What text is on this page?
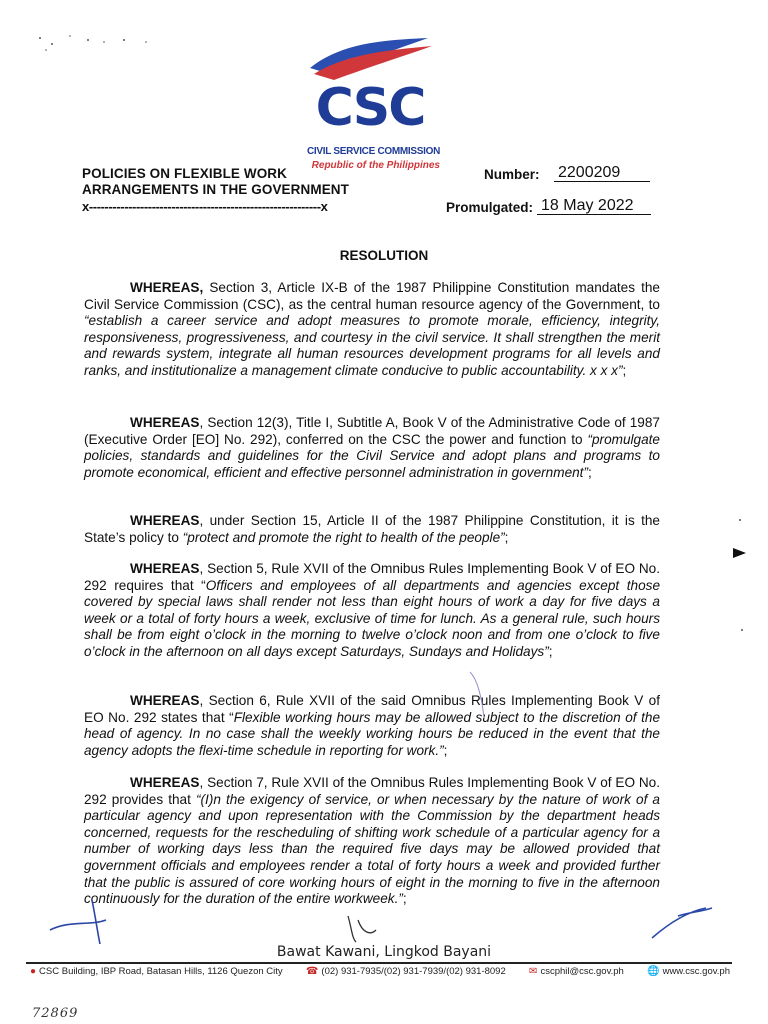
CSC
CIVIL SERVICE COMMISSION
Republic of the Philippines
POLICIES ON FLEXIBLE WORK
ARRANGEMENTS IN THE GOVERNMENT
x-----------------------------------------------------------x
Number: 2200209
Promulgated: 18 May 2022
RESOLUTION
WHEREAS, Section 3, Article IX-B of the 1987 Philippine Constitution mandates the Civil Service Commission (CSC), as the central human resource agency of the Government, to “establish a career service and adopt measures to promote morale, efficiency, integrity, responsiveness, progressiveness, and courtesy in the civil service. It shall strengthen the merit and rewards system, integrate all human resources development programs for all levels and ranks, and institutionalize a management climate conducive to public accountability. x x x”;
WHEREAS, Section 12(3), Title I, Subtitle A, Book V of the Administrative Code of 1987 (Executive Order [EO] No. 292), conferred on the CSC the power and function to “promulgate policies, standards and guidelines for the Civil Service and adopt plans and programs to promote economical, efficient and effective personnel administration in government”;
WHEREAS, under Section 15, Article II of the 1987 Philippine Constitution, it is the State’s policy to “protect and promote the right to health of the people”;
WHEREAS, Section 5, Rule XVII of the Omnibus Rules Implementing Book V of EO No. 292 requires that “Officers and employees of all departments and agencies except those covered by special laws shall render not less than eight hours of work a day for five days a week or a total of forty hours a week, exclusive of time for lunch. As a general rule, such hours shall be from eight o’clock in the morning to twelve o’clock noon and from one o’clock to five o’clock in the afternoon on all days except Saturdays, Sundays and Holidays”;
WHEREAS, Section 6, Rule XVII of the said Omnibus Rules Implementing Book V of EO No. 292 states that “Flexible working hours may be allowed subject to the discretion of the head of agency. In no case shall the weekly working hours be reduced in the event that the agency adopts the flexi-time schedule in reporting for work.”;
WHEREAS, Section 7, Rule XVII of the Omnibus Rules Implementing Book V of EO No. 292 provides that “(I)n the exigency of service, or when necessary by the nature of work of a particular agency and upon representation with the Commission by the department heads concerned, requests for the rescheduling of shifting work schedule of a particular agency for a number of working days less than the required five days may be allowed provided that government officials and employees render a total of forty hours a week and provided further that the public is assured of core working hours of eight in the morning to five in the afternoon continuously for the duration of the entire workweek.”;
Bawat Kawani, Lingkod Bayani
● CSC Building, IBP Road, Batasan Hills, 1126 Quezon City ☎ (02) 931-7935/(02) 931-7939/(02) 931-8092 ✉ cscphil@csc.gov.ph 🌐 www.csc.gov.ph
72869
